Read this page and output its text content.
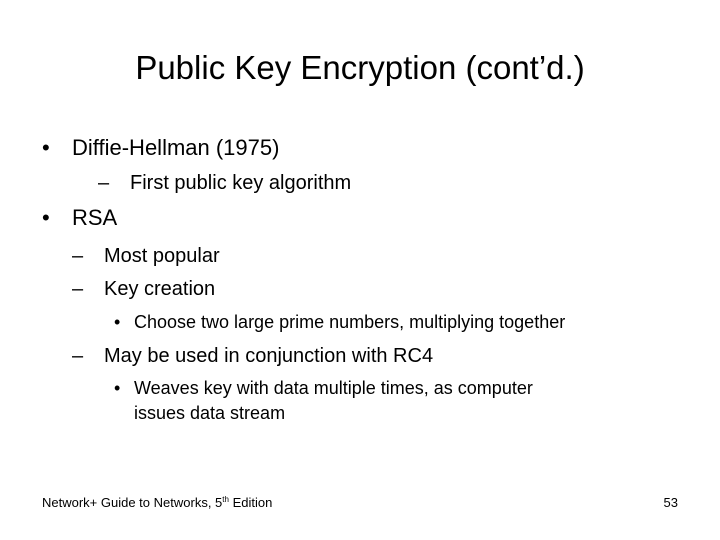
Public Key Encryption (cont’d.)
• Diffie-Hellman (1975)
– First public key algorithm
• RSA
– Most popular
– Key creation
• Choose two large prime numbers, multiplying together
– May be used in conjunction with RC4
• Weaves key with data multiple times, as computer
issues data stream
Network+ Guide to Networks, 5th Edition	53
